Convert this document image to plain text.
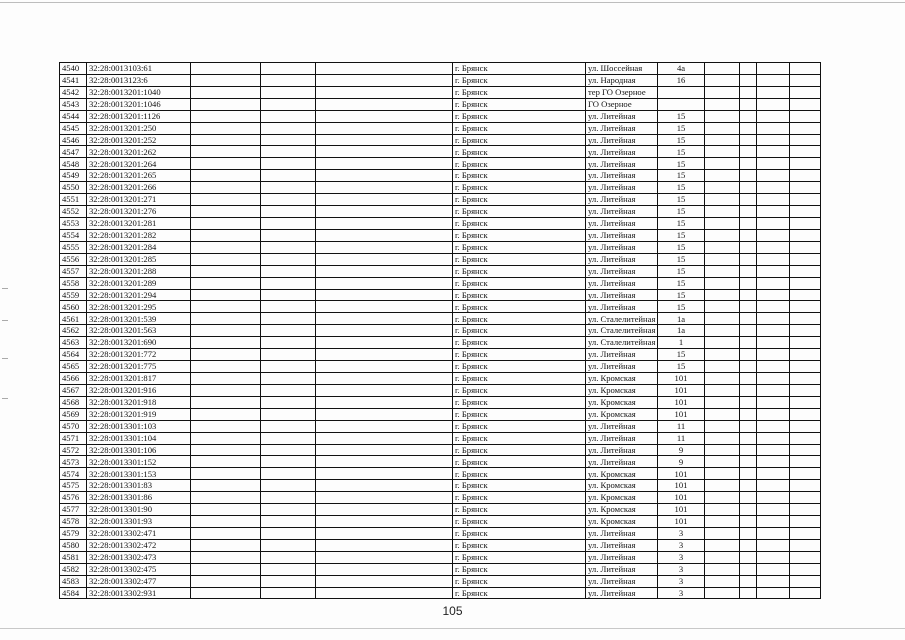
4540	32:28:0013103:61				г. Брянск	ул. Шоссейная	4а				
4541	32:28:0013123:6				г. Брянск	ул. Народная	16				
4542	32:28:0013201:1040				г. Брянск	тер ГО Озерное					
4543	32:28:0013201:1046				г. Брянск	ГО Озерное					
4544	32:28:0013201:1126				г. Брянск	ул. Литейная	15				
4545	32:28:0013201:250				г. Брянск	ул. Литейная	15				
4546	32:28:0013201:252				г. Брянск	ул. Литейная	15				
4547	32:28:0013201:262				г. Брянск	ул. Литейная	15				
4548	32:28:0013201:264				г. Брянск	ул. Литейная	15				
4549	32:28:0013201:265				г. Брянск	ул. Литейная	15				
4550	32:28:0013201:266				г. Брянск	ул. Литейная	15				
4551	32:28:0013201:271				г. Брянск	ул. Литейная	15				
4552	32:28:0013201:276				г. Брянск	ул. Литейная	15				
4553	32:28:0013201:281				г. Брянск	ул. Литейная	15				
4554	32:28:0013201:282				г. Брянск	ул. Литейная	15				
4555	32:28:0013201:284				г. Брянск	ул. Литейная	15				
4556	32:28:0013201:285				г. Брянск	ул. Литейная	15				
4557	32:28:0013201:288				г. Брянск	ул. Литейная	15				
4558	32:28:0013201:289				г. Брянск	ул. Литейная	15				
4559	32:28:0013201:294				г. Брянск	ул. Литейная	15				
4560	32:28:0013201:295				г. Брянск	ул. Литейная	15				
4561	32:28:0013201:539				г. Брянск	ул. Сталелитейная	1а				
4562	32:28:0013201:563				г. Брянск	ул. Сталелитейная	1а				
4563	32:28:0013201:690				г. Брянск	ул. Сталелитейная	1				
4564	32:28:0013201:772				г. Брянск	ул. Литейная	15				
4565	32:28:0013201:775				г. Брянск	ул. Литейная	15				
4566	32:28:0013201:817				г. Брянск	ул. Кромская	101				
4567	32:28:0013201:916				г. Брянск	ул. Кромская	101				
4568	32:28:0013201:918				г. Брянск	ул. Кромская	101				
4569	32:28:0013201:919				г. Брянск	ул. Кромская	101				
4570	32:28:0013301:103				г. Брянск	ул. Литейная	11				
4571	32:28:0013301:104				г. Брянск	ул. Литейная	11				
4572	32:28:0013301:106				г. Брянск	ул. Литейная	9				
4573	32:28:0013301:152				г. Брянск	ул. Литейная	9				
4574	32:28:0013301:153				г. Брянск	ул. Кромская	101				
4575	32:28:0013301:83				г. Брянск	ул. Кромская	101				
4576	32:28:0013301:86				г. Брянск	ул. Кромская	101				
4577	32:28:0013301:90				г. Брянск	ул. Кромская	101				
4578	32:28:0013301:93				г. Брянск	ул. Кромская	101				
4579	32:28:0013302:471				г. Брянск	ул. Литейная	3				
4580	32:28:0013302:472				г. Брянск	ул. Литейная	3				
4581	32:28:0013302:473				г. Брянск	ул. Литейная	3				
4582	32:28:0013302:475				г. Брянск	ул. Литейная	3				
4583	32:28:0013302:477				г. Брянск	ул. Литейная	3				
4584	32:28:0013302:931				г. Брянск	ул. Литейная	3				
105
